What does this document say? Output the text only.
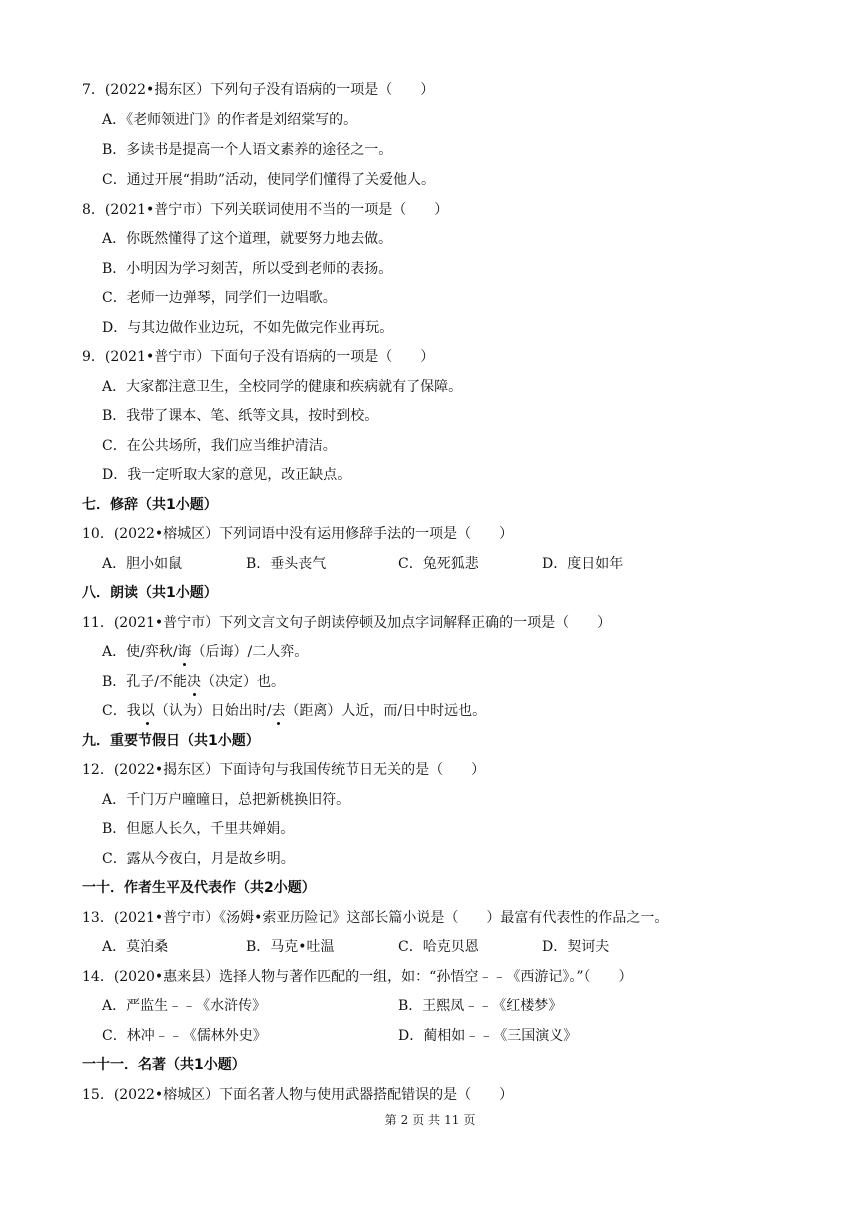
7．(2022•揭东区）下列句子没有语病的一项是（　　）
A．《老师领进门》的作者是刘绍棠写的。
B．多读书是提高一个人语文素养的途径之一。
C．通过开展“捐助”活动，使同学们懂得了关爱他人。
8．(2021•普宁市）下列关联词使用不当的一项是（　　）
A．你既然懂得了这个道理，就要努力地去做。
B．小明因为学习刻苦，所以受到老师的表扬。
C．老师一边弹琴，同学们一边唱歌。
D．与其边做作业边玩，不如先做完作业再玩。
9．(2021•普宁市）下面句子没有语病的一项是（　　）
A．大家都注意卫生，全校同学的健康和疾病就有了保障。
B．我带了课本、笔、纸等文具，按时到校。
C．在公共场所，我们应当维护清洁。
D．我一定听取大家的意见，改正缺点。
七．修辞（共1小题）
10．(2022•榕城区）下列词语中没有运用修辞手法的一项是（　　）
A．胆小如鼠	B．垂头丧气	C．兔死狐悲	D．度日如年
八．朗读（共1小题）
11．(2021•普宁市）下列文言文句子朗读停顿及加点字词解释正确的一项是（　　）
A．使/弈秋/诲（后诲）/二人弈。
B．孔子/不能决（决定）也。
C．我以（认为）日始出时/去（距离）人近，而/日中时远也。
九．重要节假日（共1小题）
12．(2022•揭东区）下面诗句与我国传统节日无关的是（　　）
A．千门万户曈曈日，总把新桃换旧符。
B．但愿人长久，千里共婵娟。
C．露从今夜白，月是故乡明。
一十．作者生平及代表作（共2小题）
13．(2021•普宁市）《汤姆•索亚历险记》这部长篇小说是（　　）最富有代表性的作品之一。
A．莫泊桑	B．马克•吐温	C．哈克贝恩	D．契诃夫
14．(2020•惠来县）选择人物与著作匹配的一组，如：“孙悟空﹣﹣《西游记》。”（　　）
A．严监生﹣﹣《水浒传》	B．王熙凤﹣﹣《红楼梦》
C．林冲﹣﹣《儒林外史》	D．蔺相如﹣﹣《三国演义》
一十一．名著（共1小题）
15．(2022•榕城区）下面名著人物与使用武器搭配错误的是（　　）
第 2 页 共 11 页
